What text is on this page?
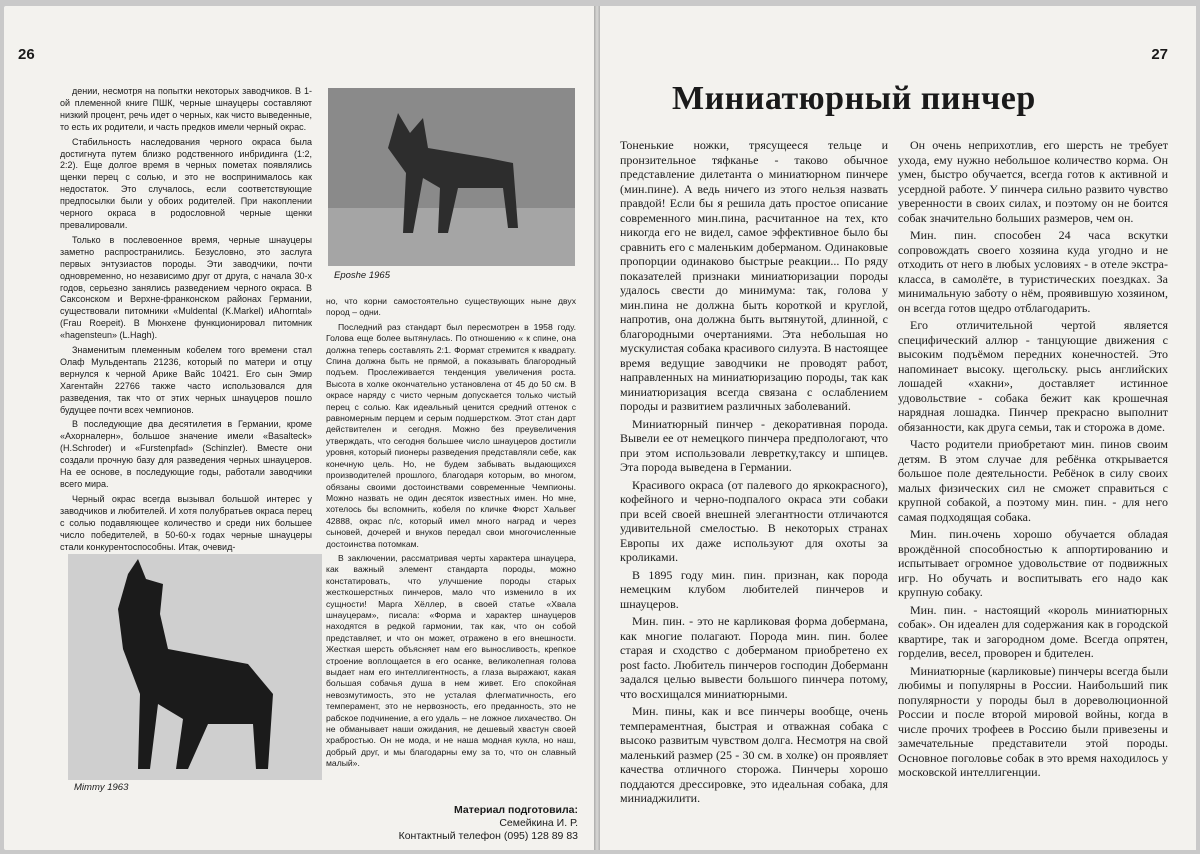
26

дении, несмотря на попытки некоторых заводчиков. В 1-ой племенной книге ПШК, черные шнауцеры составляют низкий процент, речь идет о черных, как чисто выведенные, то есть их родители, и часть предков имели черный окрас.

Стабильность наследования черного окраса была достигнута путем близко родственного инбридинга (1:2, 2:2). Еще долгое время в черных пометах появлялись щенки перец с солью, и это не воспринималось как недостаток. Это случалось, если соответствующие предпосылки были у обоих родителей. При накоплении черного окраса в родословной черные щенки превалировали.

Только в послевоенное время, черные шнауцеры заметно распространились. Безусловно, это заслуга первых энтузиастов породы. Эти заводчики, почти одновременно, но независимо друг от друга, с начала 30-х годов, серьезно занялись разведением черного окраса. В Саксонском и Верхне-франконском районах Германии, существовали питомники «Muldental (K.Markel) иAhorntal» (Frau Roepeit). В Мюнхене функционировал питомник «hagensteun» (L.Hagh).

Знаменитым племенным кобелем того времени стал Олаф Мульдентапь 21236, который по матери и отцу вернулся к черной Арике Вайс 10421. Его сын Эмир Хагентайн 22766 также часто использовался для разведения, так что от этих черных шнауцеров пошло будущее почти всех чемпионов.

В последующие два десятилетия в Германии, кроме «Ахорналерн», большое значение имели «Basalteck» (H.Schroder) и «Furstenpfad» (Schinzler). Вместе они создали прочную базу для разведения черных шнауцеров. На ее основе, в последующие годы, работали заводчики всего мира.

Черный окрас всегда вызывал большой интерес у заводчиков и любителей. И хотя полубратьев окраса перец с солью подавляющее количество и среди них большее число победителей, в 50-60-х годах черные шнауцеры стали конкурентоспособны. Итак, очевид-

Eposhe 1965

но, что корни самостоятельно существующих ныне двух пород – одни.

Последний раз стандарт был пересмотрен в 1958 году. Голова еще более вытянулась. По отношению « к спине, она должна теперь составлять 2:1. Формат стремится к квадрату. Спина должна быть не прямой, а показывать благородный подъем. Прослеживается тенденция увеличения роста. Высота в холке окончательно установлена от 45 до 50 см. В окрасе наряду с чисто черным допускается только чистый перец с солью. Как идеальный ценится средний оттенок с равномерным перцем и серым подшерстком. Этот стан дарт действителен и сегодня. Можно без преувеличения утверждать, что сегодня большее число шнауцеров достигли уровня, который пионеры разведения представляли себе, как конечную цель. Но, не будем забывать выдающихся производителей прошлого, благодаря которым, во многом, обязаны своими достоинствами современные Чемпионы. Можно назвать не один десяток известных имен. Но мне, хотелось бы вспомнить, кобеля по кличке Фюрст Хальвег 42888, окрас п/с, который имел много наград и через сыновей, дочерей и внуков передал свои многочисленные достоинства потомкам.

В заключении, рассматривая черты характера шнауцера, как важный элемент стандарта породы, можно констатировать, что улучшение породы старых жесткошерстных пинчеров, мало что изменило в их сущности! Марга Хёллер, в своей статье «Хвала шнауцерам», писала: «Форма и характер шнауцеров находятся в редкой гармонии, так как, что он собой представляет, и что он может, отражено в его внешности. Жесткая шерсть объясняет нам его выносливость, крепкое строение воплощается в его осанке, великолепная голова выдает нам его интеллигентность, а глаза выражают, какая большая собачья душа в нем живет. Его спокойная невозмутимость, это не усталая флегматичность, его темперамент, это не нервозность, его преданность, это не рабское подчинение, а его удаль – не ложное лихачество. Он не обманывает наши ожидания, не дешевый хвастун своей храбростью. Он не мода, и не наша модная кукла, но наш, добрый друг, и мы благодарны ему за то, что он славный малый».

Mimmy 1963
Материал подготовила:
Семейкина И. Р.
Контактный телефон (095) 128 89 83
27
Миниатюрный пинчер

Тоненькие ножки, трясущееся тельце и пронзительное тяфканье - таково обычное представление дилетанта о миниатюрном пинчере (мин.пине). А ведь ничего из этого нельзя назвать правдой! Если бы я решила дать простое описание современного мин.пина, расчитанное на тех, кто никогда его не видел, самое эффективное было бы сравнить его с маленьким доберманом. Одинаковые пропорции одинаково быстрые реакции... По ряду показателей признаки миниатюризации породы удалось свести до минимума: так, голова у мин.пина не должна быть короткой и круглой, напротив, она должна быть вытянутой, длинной, с благородными очертаниями. Эта небольшая но мускулистая собака красивого силуэта. В настоящее время ведущие заводчики не проводят работ, направленных на миниатюризацию породы, так как миниатюризация всегда связана с ослаблением породы и развитием различных заболеваний.

Миниатюрный пинчер - декоративная порода. Вывели ее от немецкого пинчера предпологают, что при этом использовали левретку,таксу и шпицев. Эта порода выведена в Германии.

Красивого окраса (от палевого до яркокрасного), кофейного и черно-подпалого окраса эти собаки при всей своей внешней элегантности отличаются удивительной смелостью. В некоторых странах Европы их даже используют для охоты за кроликами.

В 1895 году мин. пин. признан, как порода немецким клубом любителей пинчеров и шнауцеров.

Мин. пин. - это не карликовая форма добермана, как многие полагают. Порода мин. пин. более старая и сходство с доберманом приобретено ex post facto. Любитель пинчеров господин Доберманн задался целью вывести большого пинчера потому, что восхищался миниатюрными.

Мин. пины, как и все пинчеры вообще, очень темпераментная, быстрая и отважная собака с высоко развитым чувством долга. Несмотря на свой маленький размер (25 - 30 см. в холке) он проявляет качества отличного сторожа. Пинчеры хорошо поддаются дрессировке, это идеальная собака, для миниаджилити.

Он очень неприхотлив, его шерсть не требует ухода, ему нужно небольшое количество корма. Он умен, быстро обучается, всегда готов к активной и усердной работе. У пинчера сильно развито чувство уверенности в своих силах, и поэтому он не боится собак значительно больших размеров, чем он.

Мин. пин. способен 24 часа вскутки сопровождать своего хозяина куда угодно и не отходить от него в любых условиях - в отеле экстра-класса, в самолёте, в туристических поездках. За минимальную заботу о нём, проявившую хозяином, он всегда готов щедро отблагодарить.

Его отличительной чертой является специфический аллюр - танцующие движения с высоким подъёмом передних конечностей. Это напоминает высоку. щегольску. рысь английских лошадей «хакни», доставляет истинное удовольствие - собака бежит как крошечная нарядная лошадка. Пинчер прекрасно выполнит обязанности, как друга семьи, так и сторожа в доме.

Часто родители приобретают мин. пинов своим детям. В этом случае для ребёнка открывается большое поле деятельности. Ребёнок в силу своих малых физических сил не сможет справиться с крупной собакой, а поэтому мин. пин. - для него самая подходящая собака.

Мин. пин.очень хорошо обучается обладая врождённой способностью к аппортированию и испытывает огромное удовольствие от подвижных игр. Но обучать и воспитывать его надо как крупную собаку.

Мин. пин. - настоящий «король миниатюрных собак». Он идеален для содержания как в городской квартире, так и загородном доме. Всегда опрятен, горделив, весел, проворен и бдителен.

Миниатюрные (карликовые) пинчеры всегда были любимы и популярны в России. Наибольший пик популярности у породы был в дореволюционной России и после второй мировой войны, когда в числе прочих трофеев в Россию были привезены и замечательные представители этой породы. Основное поголовье собак в это время находилось у московской интеллигенции.
